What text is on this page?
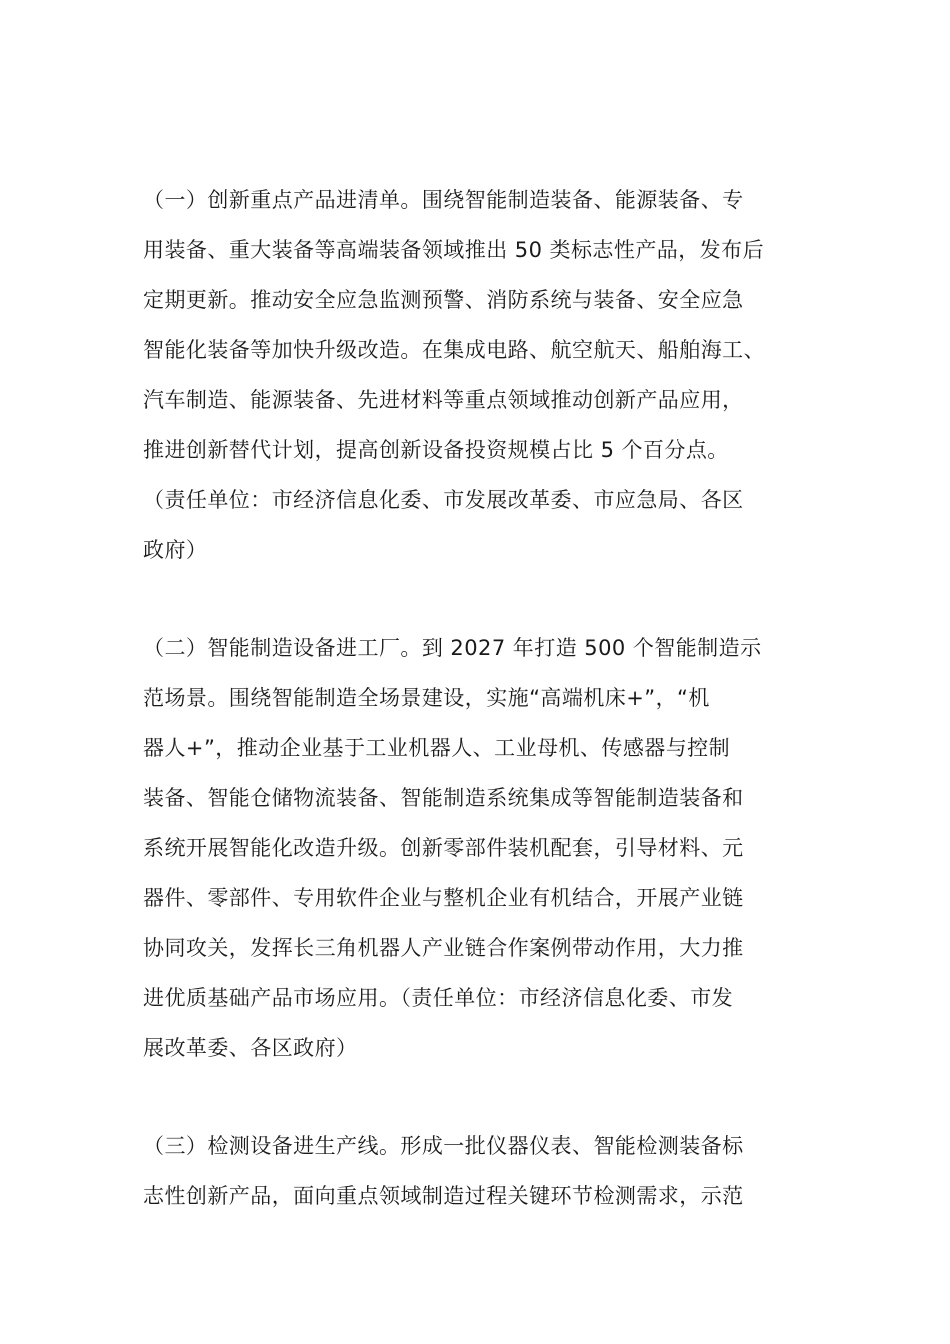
（一）创新重点产品进清单。围绕智能制造装备、能源装备、专
用装备、重大装备等高端装备领域推出 50 类标志性产品，发布后
定期更新。推动安全应急监测预警、消防系统与装备、安全应急
智能化装备等加快升级改造。在集成电路、航空航天、船舶海工、
汽车制造、能源装备、先进材料等重点领域推动创新产品应用，
推进创新替代计划，提高创新设备投资规模占比 5 个百分点。
（责任单位：市经济信息化委、市发展改革委、市应急局、各区
政府）

（二）智能制造设备进工厂。到 2027 年打造 500 个智能制造示
范场景。围绕智能制造全场景建设，实施“高端机床+”，“机
器人+”，推动企业基于工业机器人、工业母机、传感器与控制
装备、智能仓储物流装备、智能制造系统集成等智能制造装备和
系统开展智能化改造升级。创新零部件装机配套，引导材料、元
器件、零部件、专用软件企业与整机企业有机结合，开展产业链
协同攻关，发挥长三角机器人产业链合作案例带动作用，大力推
进优质基础产品市场应用。（责任单位：市经济信息化委、市发
展改革委、各区政府）

（三）检测设备进生产线。形成一批仪器仪表、智能检测装备标
志性创新产品，面向重点领域制造过程关键环节检测需求，示范
